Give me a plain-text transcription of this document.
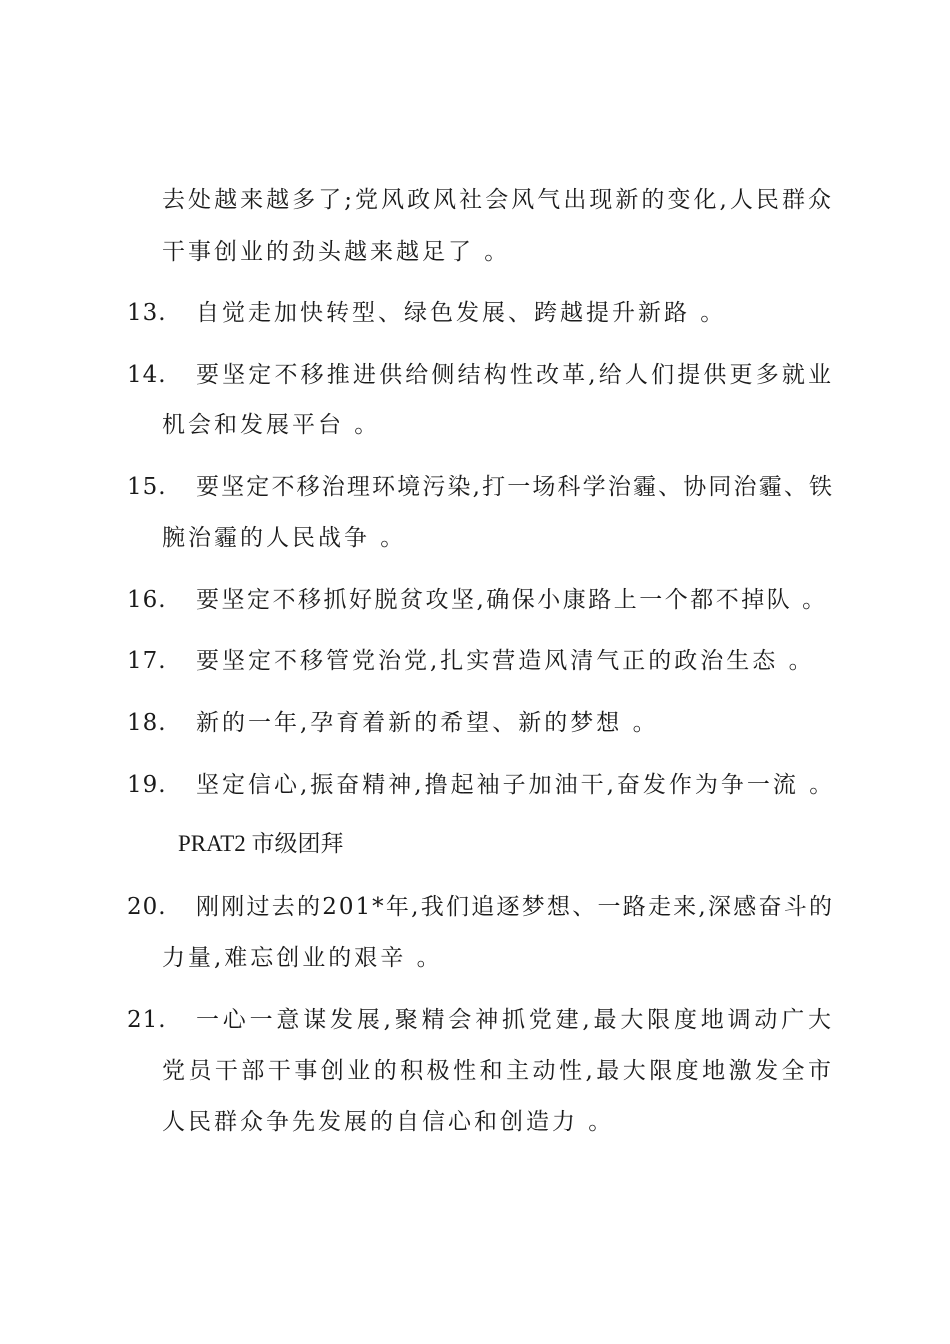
去处越来越多了;党风政风社会风气出现新的变化,人民群众
干事创业的劲头越来越足了 。
13.	自觉走加快转型、绿色发展、跨越提升新路 。
14.	要坚定不移推进供给侧结构性改革,给人们提供更多就业
机会和发展平台 。
15.	要坚定不移治理环境污染,打一场科学治霾、协同治霾、铁
腕治霾的人民战争 。
16.	要坚定不移抓好脱贫攻坚,确保小康路上一个都不掉队 。
17.	要坚定不移管党治党,扎实营造风清气正的政治生态 。
18.	新的一年,孕育着新的希望、新的梦想 。
19.	坚定信心,振奋精神,撸起袖子加油干,奋发作为争一流 。
PRAT2 市级团拜
20.	刚刚过去的201*年,我们追逐梦想、一路走来,深感奋斗的
力量,难忘创业的艰辛 。
21.	一心一意谋发展,聚精会神抓党建,最大限度地调动广大
党员干部干事创业的积极性和主动性,最大限度地激发全市
人民群众争先发展的自信心和创造力 。
